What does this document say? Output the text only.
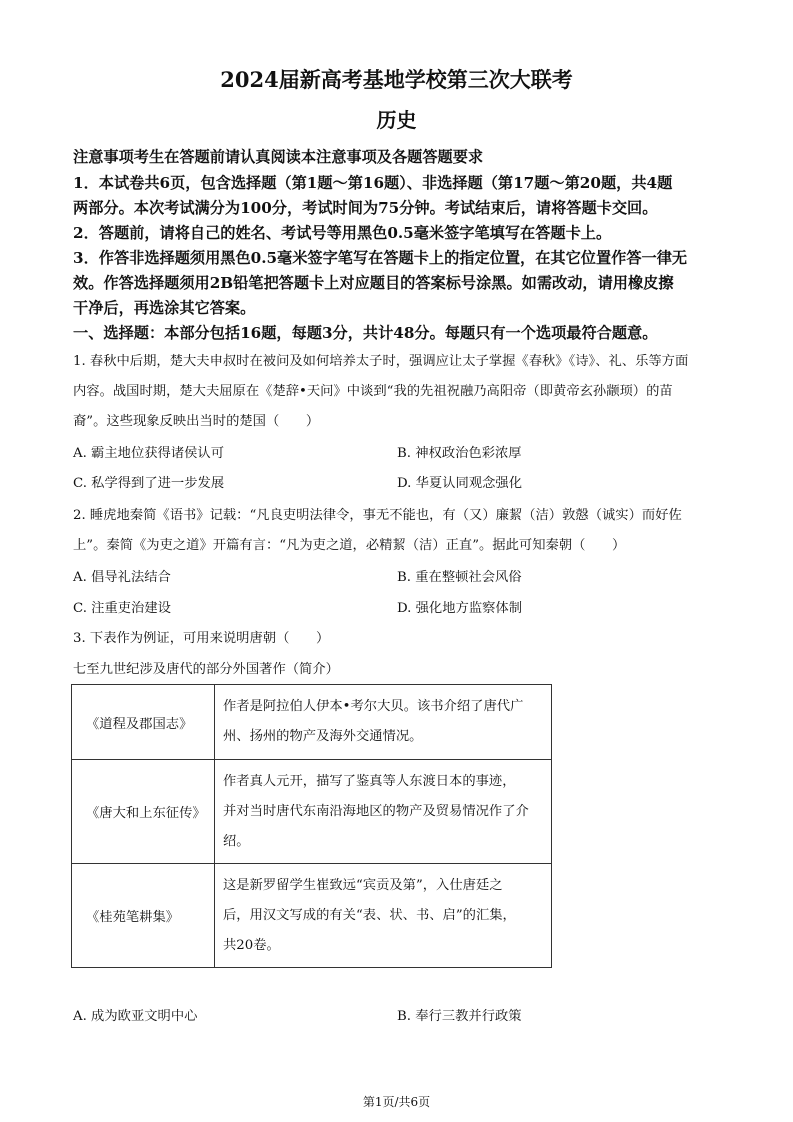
2024届新高考基地学校第三次大联考
历史
注意事项考生在答题前请认真阅读本注意事项及各题答题要求
1．本试卷共6页，包含选择题（第1题～第16题）、非选择题（第17题～第20题，共4题
两部分。本次考试满分为100分，考试时间为75分钟。考试结束后，请将答题卡交回。
2．答题前，请将自己的姓名、考试号等用黑色0.5毫米签字笔填写在答题卡上。
3．作答非选择题须用黑色0.5毫米签字笔写在答题卡上的指定位置，在其它位置作答一律无
效。作答选择题须用2B铅笔把答题卡上对应题目的答案标号涂黑。如需改动，请用橡皮擦
干净后，再选涂其它答案。
一、选择题：本部分包括16题，每题3分，共计48分。每题只有一个选项最符合题意。
1. 春秋中后期，楚大夫申叔时在被问及如何培养太子时，强调应让太子掌握《春秋》《诗》、礼、乐等方面
内容。战国时期，楚大夫屈原在《楚辞•天问》中谈到“我的先祖祝融乃高阳帝（即黄帝玄孙颛顼）的苗
裔”。这些现象反映出当时的楚国（　　）
A. 霸主地位获得诸侯认可	B. 神权政治色彩浓厚
C. 私学得到了进一步发展	D. 华夏认同观念强化
2. 睡虎地秦简《语书》记载：“凡良吏明法律令，事无不能也，有（又）廉絜（洁）敦慤（诚实）而好佐
上”。秦简《为吏之道》开篇有言：“凡为吏之道，必精絜（洁）正直”。据此可知秦朝（　　）
A. 倡导礼法结合	B. 重在整顿社会风俗
C. 注重吏治建设	D. 强化地方监察体制
3. 下表作为例证，可用来说明唐朝（　　）
七至九世纪涉及唐代的部分外国著作（简介）
《道程及郡国志》	作者是阿拉伯人伊本•考尔大贝。该书介绍了唐代广
州、扬州的物产及海外交通情况。

《唐大和上东征传》	作者真人元开，描写了鉴真等人东渡日本的事迹，
并对当时唐代东南沿海地区的物产及贸易情况作了介
绍。

《桂苑笔耕集》	这是新罗留学生崔致远“宾贡及第”，入仕唐廷之
后，用汉文写成的有关“表、状、书、启”的汇集，
共20卷。
A. 成为欧亚文明中心	B. 奉行三教并行政策
第1页/共6页
